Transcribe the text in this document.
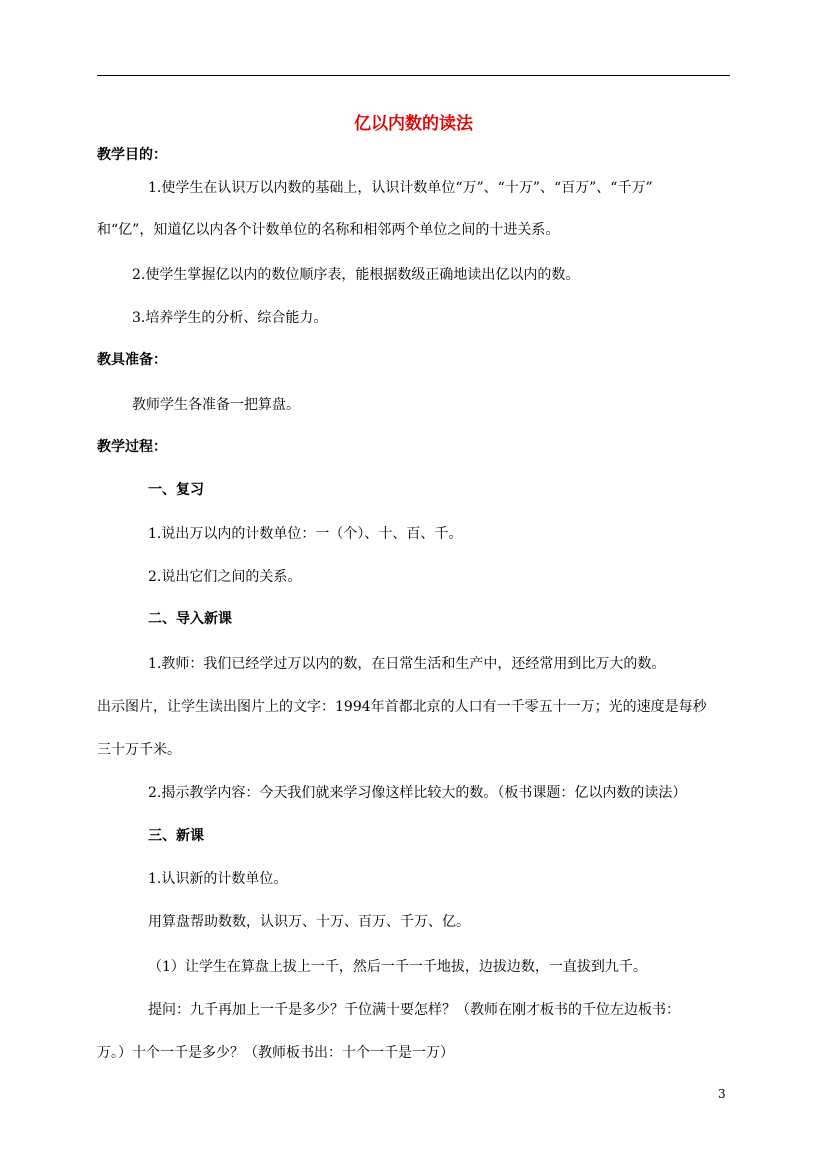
亿以内数的读法
教学目的：
1.使学生在认识万以内数的基础上，认识计数单位“万”、“十万”、“百万”、“千万”
和“亿”，知道亿以内各个计数单位的名称和相邻两个单位之间的十进关系。
2.使学生掌握亿以内的数位顺序表，能根据数级正确地读出亿以内的数。
3.培养学生的分析、综合能力。
教具准备：
教师学生各准备一把算盘。
教学过程：
一、复习
1.说出万以内的计数单位：一（个）、十、百、千。
2.说出它们之间的关系。
二、导入新课
1.教师：我们已经学过万以内的数，在日常生活和生产中，还经常用到比万大的数。
出示图片，让学生读出图片上的文字：1994年首都北京的人口有一千零五十一万；光的速度是每秒
三十万千米。
2.揭示教学内容：今天我们就来学习像这样比较大的数。（板书课题：亿以内数的读法）
三、新课
1.认识新的计数单位。
用算盘帮助数数，认识万、十万、百万、千万、亿。
（1）让学生在算盘上拔上一千，然后一千一千地拔，边拔边数，一直拔到九千。
提问：九千再加上一千是多少？千位满十要怎样？（教师在刚才板书的千位左边板书：
万。）十个一千是多少？（教师板书出：十个一千是一万）
3
